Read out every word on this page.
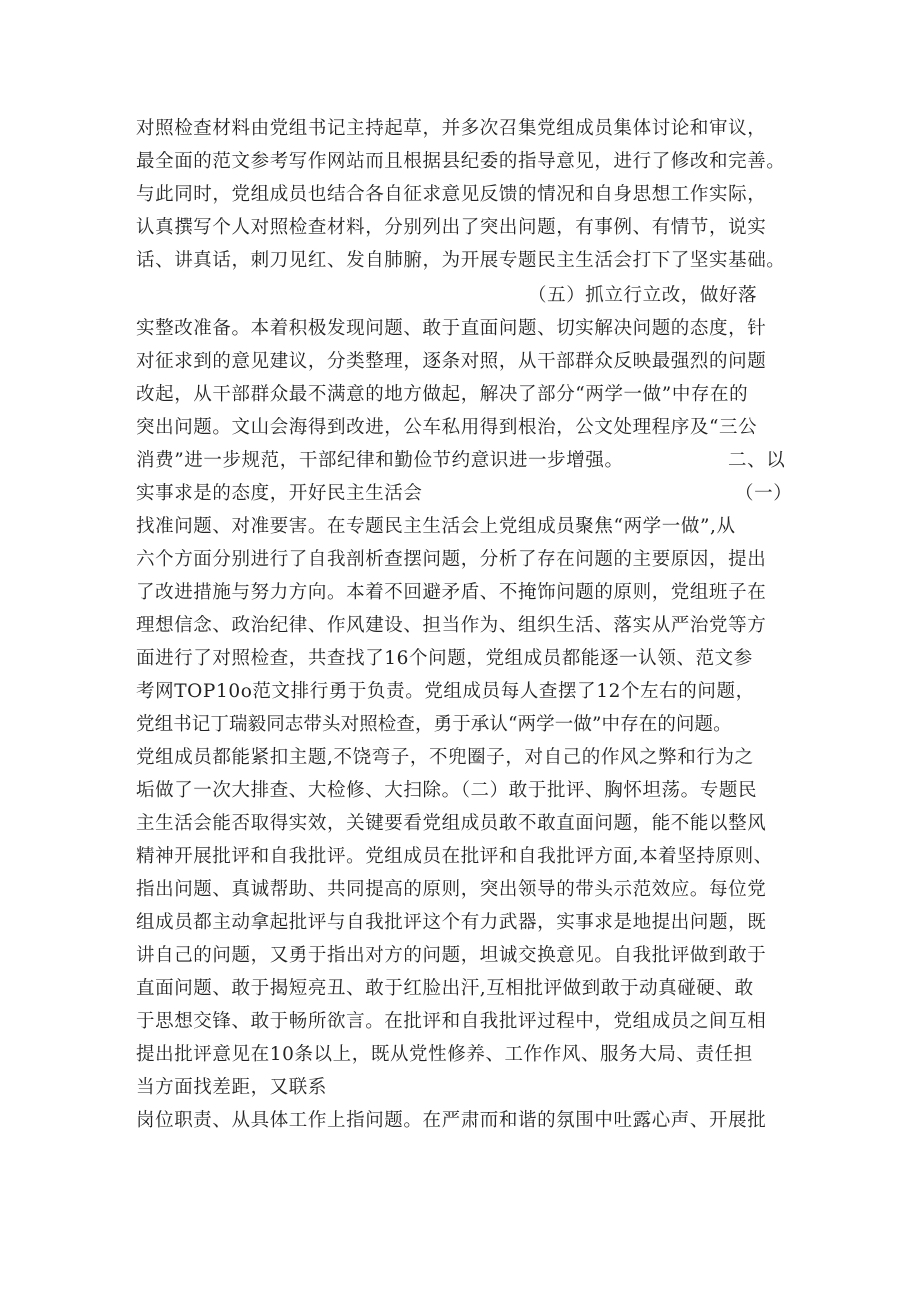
对照检查材料由党组书记主持起草，并多次召集党组成员集体讨论和审议，
最全面的范文参考写作网站而且根据县纪委的指导意见，进行了修改和完善。
与此同时，党组成员也结合各自征求意见反馈的情况和自身思想工作实际，
认真撰写个人对照检查材料，分别列出了突出问题，有事例、有情节，说实
话、讲真话，刺刀见红、发自肺腑，为开展专题民主生活会打下了坚实基础。
（五）抓立行立改，做好落
实整改准备。本着积极发现问题、敢于直面问题、切实解决问题的态度，针
对征求到的意见建议，分类整理，逐条对照，从干部群众反映最强烈的问题
改起，从干部群众最不满意的地方做起，解决了部分“两学一做”中存在的
突出问题。文山会海得到改进，公车私用得到根治，公文处理程序及“三公
消费”进一步规范，干部纪律和勤俭节约意识进一步增强。	二、以
实事求是的态度，开好民主生活会	（一）
找准问题、对准要害。在专题民主生活会上党组成员聚焦“两学一做”,从
六个方面分别进行了自我剖析查摆问题，分析了存在问题的主要原因，提出
了改进措施与努力方向。本着不回避矛盾、不掩饰问题的原则，党组班子在
理想信念、政治纪律、作风建设、担当作为、组织生活、落实从严治党等方
面进行了对照检查，共查找了16个问题，党组成员都能逐一认领、范文参
考网TOP10o范文排行勇于负责。党组成员每人查摆了12个左右的问题，
党组书记丁瑞毅同志带头对照检查，勇于承认“两学一做”中存在的问题。
党组成员都能紧扣主题,不饶弯子，不兜圈子，对自己的作风之弊和行为之
垢做了一次大排查、大检修、大扫除。（二）敢于批评、胸怀坦荡。专题民
主生活会能否取得实效，关键要看党组成员敢不敢直面问题，能不能以整风
精神开展批评和自我批评。党组成员在批评和自我批评方面,本着坚持原则、
指出问题、真诚帮助、共同提高的原则，突出领导的带头示范效应。每位党
组成员都主动拿起批评与自我批评这个有力武器，实事求是地提出问题，既
讲自己的问题，又勇于指出对方的问题，坦诚交换意见。自我批评做到敢于
直面问题、敢于揭短亮丑、敢于红脸出汗,互相批评做到敢于动真碰硬、敢
于思想交锋、敢于畅所欲言。在批评和自我批评过程中，党组成员之间互相
提出批评意见在10条以上，既从党性修养、工作作风、服务大局、责任担
当方面找差距，又联系
岗位职责、从具体工作上指问题。在严肃而和谐的氛围中吐露心声、开展批
